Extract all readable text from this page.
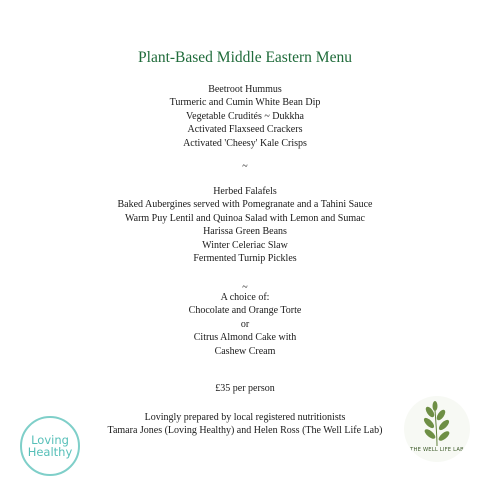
Plant-Based Middle Eastern Menu
Beetroot Hummus
Turmeric and Cumin White Bean Dip
Vegetable Crudités ~ Dukkha
Activated Flaxseed Crackers
Activated 'Cheesy' Kale Crisps
~
Herbed Falafels
Baked Aubergines served with Pomegranate and a Tahini Sauce
Warm Puy Lentil and Quinoa Salad with Lemon and Sumac
Harissa Green Beans
Winter Celeriac Slaw
Fermented Turnip Pickles
~
A choice of:
Chocolate and Orange Torte
or
Citrus Almond Cake with
Cashew Cream
£35 per person
Lovingly prepared by local registered nutritionists
Tamara Jones (Loving Healthy) and Helen Ross (The Well Life Lab)
Loving
Healthy	THE WELL LIFE LAB
